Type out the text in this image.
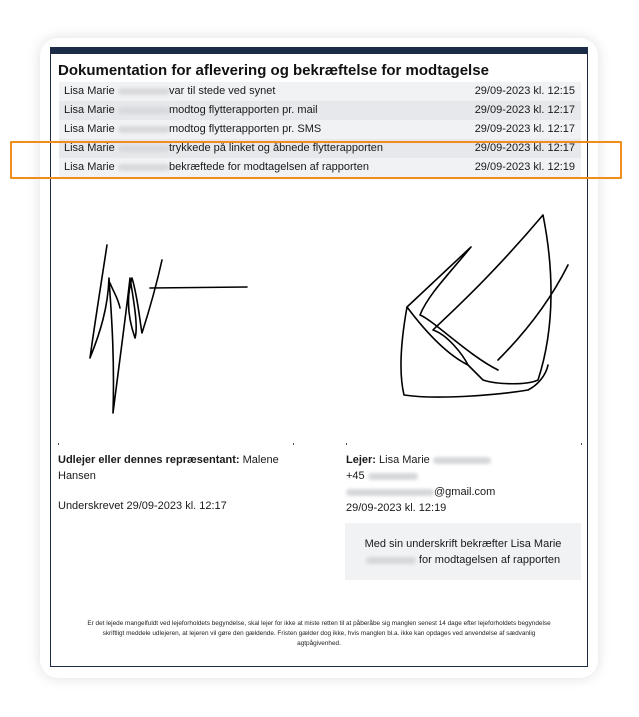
Dokumentation for aflevering og bekræftelse for modtagelse
Lisa Marie	var til stede ved synet	29/09-2023 kl. 12:15
Lisa Marie	modtog flytterapporten pr. mail	29/09-2023 kl. 12:17
Lisa Marie	modtog flytterapporten pr. SMS	29/09-2023 kl. 12:17
Lisa Marie	trykkede på linket og åbnede flytterapporten	29/09-2023 kl. 12:17
Lisa Marie	bekræftede for modtagelsen af rapporten	29/09-2023 kl. 12:19
Udlejer eller dennes repræsentant: Malene
Hansen
Underskrevet 29/09-2023 kl. 12:17
Lejer: Lisa Marie
+45
@gmail.com
29/09-2023 kl. 12:19
Med sin underskrift bekræfter Lisa Marie
for modtagelsen af rapporten
Er det lejede mangelfuldt ved lejeforholdets begyndelse, skal lejer for ikke at miste retten til at påberåbe sig manglen senest 14 dage efter lejeforholdets begyndelse skriftligt meddele udlejeren, at lejeren vil gøre den gældende. Fristen gælder dog ikke, hvis manglen bl.a. ikke kan opdages ved anvendelse af sædvanlig agtpågivenhed.
